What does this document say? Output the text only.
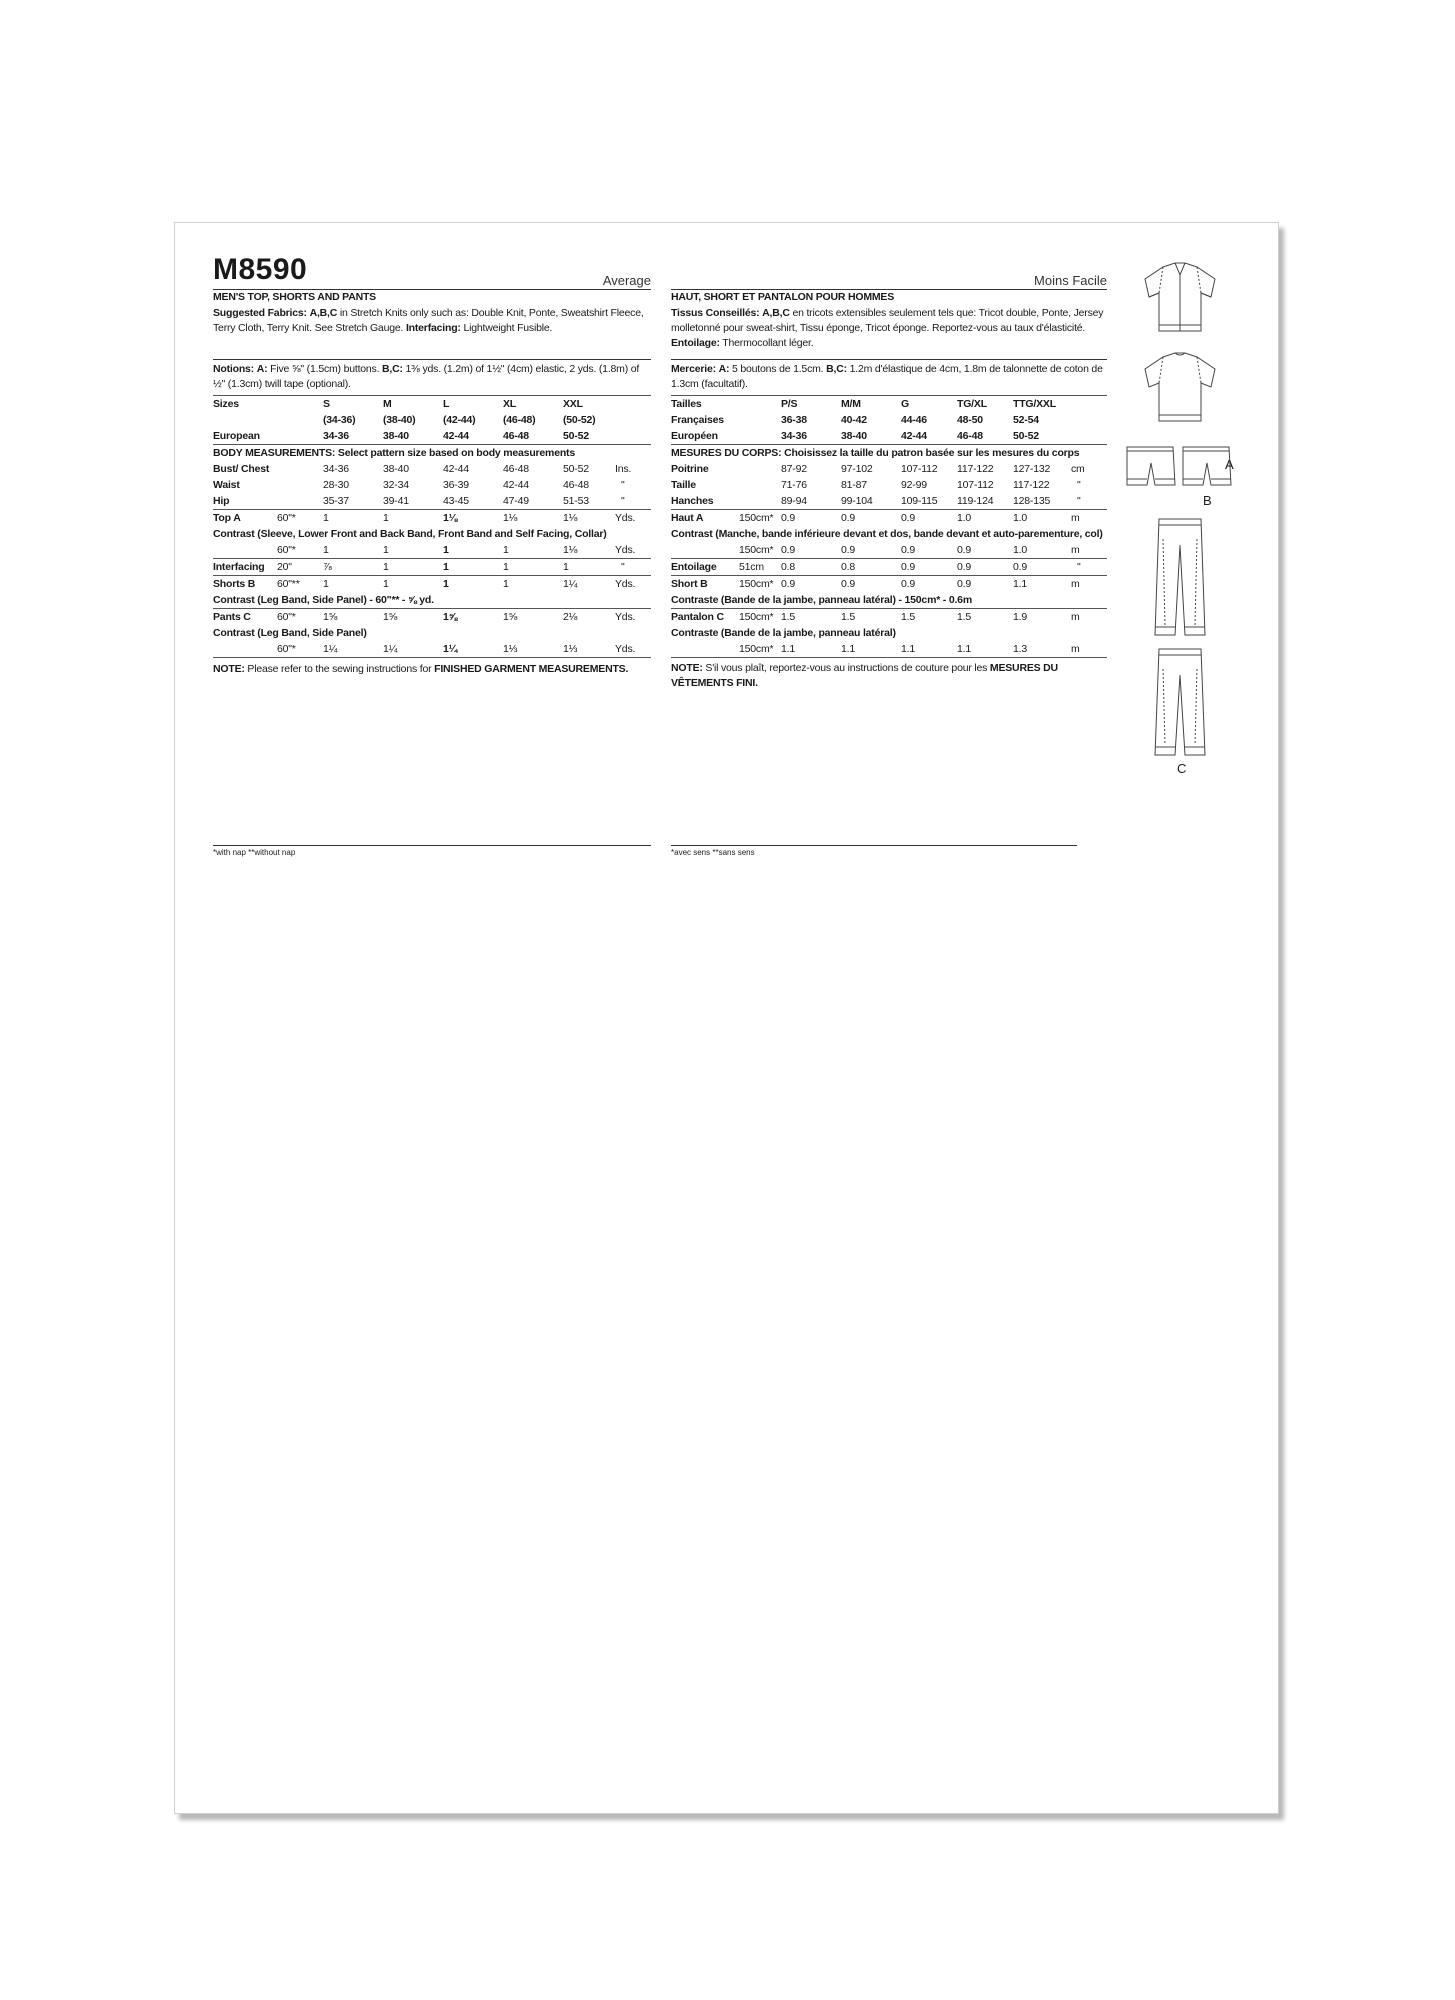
M8590	Average
MEN'S TOP, SHORTS AND PANTS
Suggested Fabrics: A,B,C in Stretch Knits only such as: Double Knit, Ponte, Sweatshirt Fleece, Terry Cloth, Terry Knit. See Stretch Gauge. Interfacing: Lightweight Fusible.
Notions: A: Five ⅝" (1.5cm) buttons. B,C: 1⅜ yds. (1.2m) of 1½" (4cm) elastic, 2 yds. (1.8m) of ½" (1.3cm) twill tape (optional).
Sizes		S	M	L	XL	XXL	
		(34-36)	(38-40)	(42-44)	(46-48)	(50-52)	
European		34-36	38-40	42-44	46-48	50-52	
BODY MEASUREMENTS: Select pattern size based on body measurements							
Bust/ Chest		34-36	38-40	42-44	46-48	50-52	Ins.
Waist		28-30	32-34	36-39	42-44	46-48	"
Hip		35-37	39-41	43-45	47-49	51-53	"
Top A	60"*	1	1	1⅛	1⅛	1⅛	Yds.
Contrast (Sleeve, Lower Front and Back Band, Front Band and Self Facing, Collar)							
	60"*	1	1	1	1	1⅛	Yds.
Interfacing	20"	⅞	1	1	1	1	"
Shorts B	60"**	1	1	1	1	1¼	Yds.
Contrast (Leg Band, Side Panel) - 60"** - ⅝ yd.							
Pants C	60"*	1⅝	1⅝	1⅝	1⅝	2⅛	Yds.
Contrast (Leg Band, Side Panel)							
	60"*	1¼	1¼	1¼	1⅓	1⅓	Yds.
NOTE: Please refer to the sewing instructions for FINISHED GARMENT MEASUREMENTS.							
*with nap **without nap
Moins Facile
HAUT, SHORT ET PANTALON POUR HOMMES
Tissus Conseillés: A,B,C en tricots extensibles seulement tels que: Tricot double, Ponte, Jersey molletonné pour sweat-shirt, Tissu éponge, Tricot éponge. Reportez-vous au taux d'élasticité. Entoilage: Thermocollant léger.
Mercerie: A: 5 boutons de 1.5cm. B,C: 1.2m d'élastique de 4cm, 1.8m de talonnette de coton de 1.3cm (facultatif).
Tailles		P/S	M/M	G	TG/XL	TTG/XXL	
Françaises		36-38	40-42	44-46	48-50	52-54	
Européen		34-36	38-40	42-44	46-48	50-52	
MESURES DU CORPS: Choisissez la taille du patron basée sur les mesures du corps							
Poitrine		87-92	97-102	107-112	117-122	127-132	cm
Taille		71-76	81-87	92-99	107-112	117-122	"
Hanches		89-94	99-104	109-115	119-124	128-135	"
Haut A	150cm*	0.9	0.9	0.9	1.0	1.0	m
Contrast (Manche, bande inférieure devant et dos, bande devant et auto-parementure, col)							
	150cm*	0.9	0.9	0.9	0.9	1.0	m
Entoilage	51cm	0.8	0.8	0.9	0.9	0.9	"
Short B	150cm*	0.9	0.9	0.9	0.9	1.1	m
Contraste (Bande de la jambe, panneau latéral) - 150cm* - 0.6m							
Pantalon C	150cm*	1.5	1.5	1.5	1.5	1.9	m
Contraste (Bande de la jambe, panneau latéral)							
	150cm*	1.1	1.1	1.1	1.1	1.3	m
NOTE: S'il vous plaît, reportez-vous au instructions de couture pour les MESURES DU VÊTEMENTS FINI.							
*avec sens **sans sens
A
B
C
